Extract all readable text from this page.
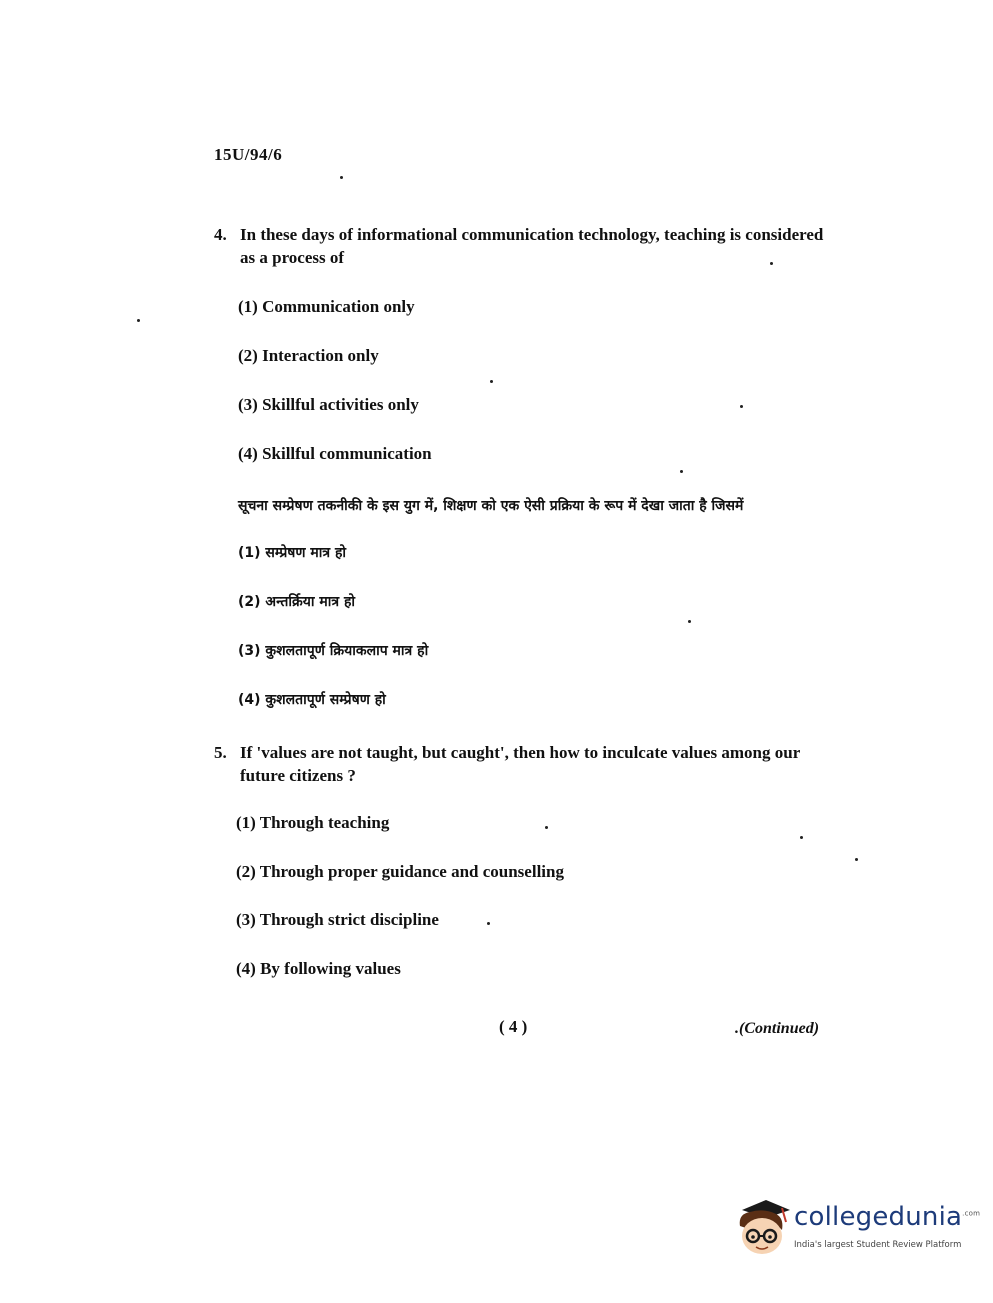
15U/94/6
4. In these days of informational communication technology, teaching is considered as a process of
(1) Communication only
(2) Interaction only
(3) Skillful activities only
(4) Skillful communication
सूचना सम्प्रेषण तकनीकी के इस युग में, शिक्षण को एक ऐसी प्रक्रिया के रूप में देखा जाता है जिसमें
(1) सम्प्रेषण मात्र हो
(2) अन्तर्क्रिया मात्र हो
(3) कुशलतापूर्ण क्रियाकलाप मात्र हो
(4) कुशलतापूर्ण सम्प्रेषण हो
5. If 'values are not taught, but caught', then how to inculcate values among our future citizens ?
(1) Through teaching
(2) Through proper guidance and counselling
(3) Through strict discipline
(4) By following values
( 4 )	.(Continued)
collegedunia$^{.com}$
India's largest Student Review Platform
